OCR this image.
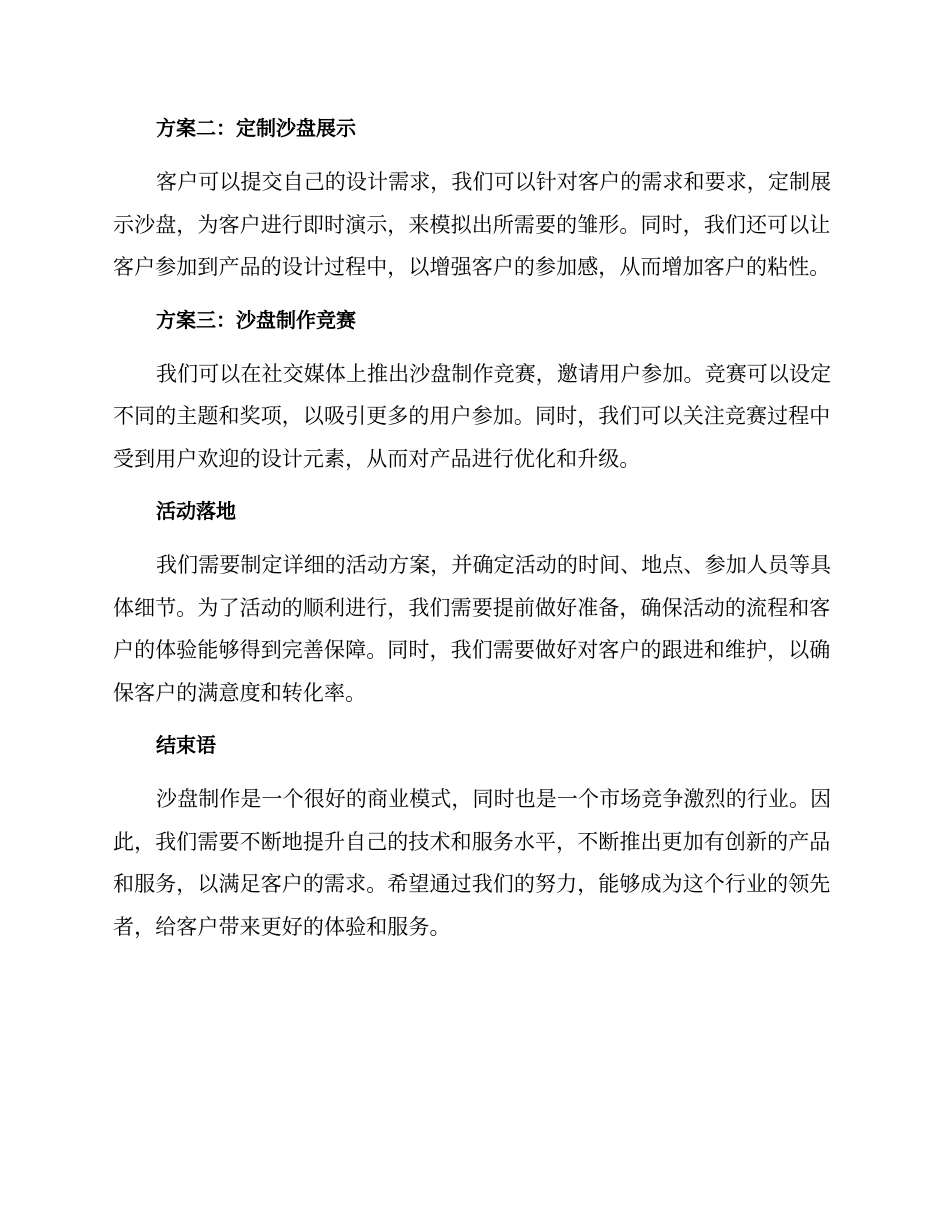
方案二：定制沙盘展示

客户可以提交自己的设计需求，我们可以针对客户的需求和要求，定制展示沙盘，为客户进行即时演示，来模拟出所需要的雏形。同时，我们还可以让客户参加到产品的设计过程中，以增强客户的参加感，从而增加客户的粘性。

方案三：沙盘制作竞赛

我们可以在社交媒体上推出沙盘制作竞赛，邀请用户参加。竞赛可以设定不同的主题和奖项，以吸引更多的用户参加。同时，我们可以关注竞赛过程中受到用户欢迎的设计元素，从而对产品进行优化和升级。

活动落地

我们需要制定详细的活动方案，并确定活动的时间、地点、参加人员等具体细节。为了活动的顺利进行，我们需要提前做好准备，确保活动的流程和客户的体验能够得到完善保障。同时，我们需要做好对客户的跟进和维护，以确保客户的满意度和转化率。

结束语

沙盘制作是一个很好的商业模式，同时也是一个市场竞争激烈的行业。因此，我们需要不断地提升自己的技术和服务水平，不断推出更加有创新的产品和服务，以满足客户的需求。希望通过我们的努力，能够成为这个行业的领先者，给客户带来更好的体验和服务。
